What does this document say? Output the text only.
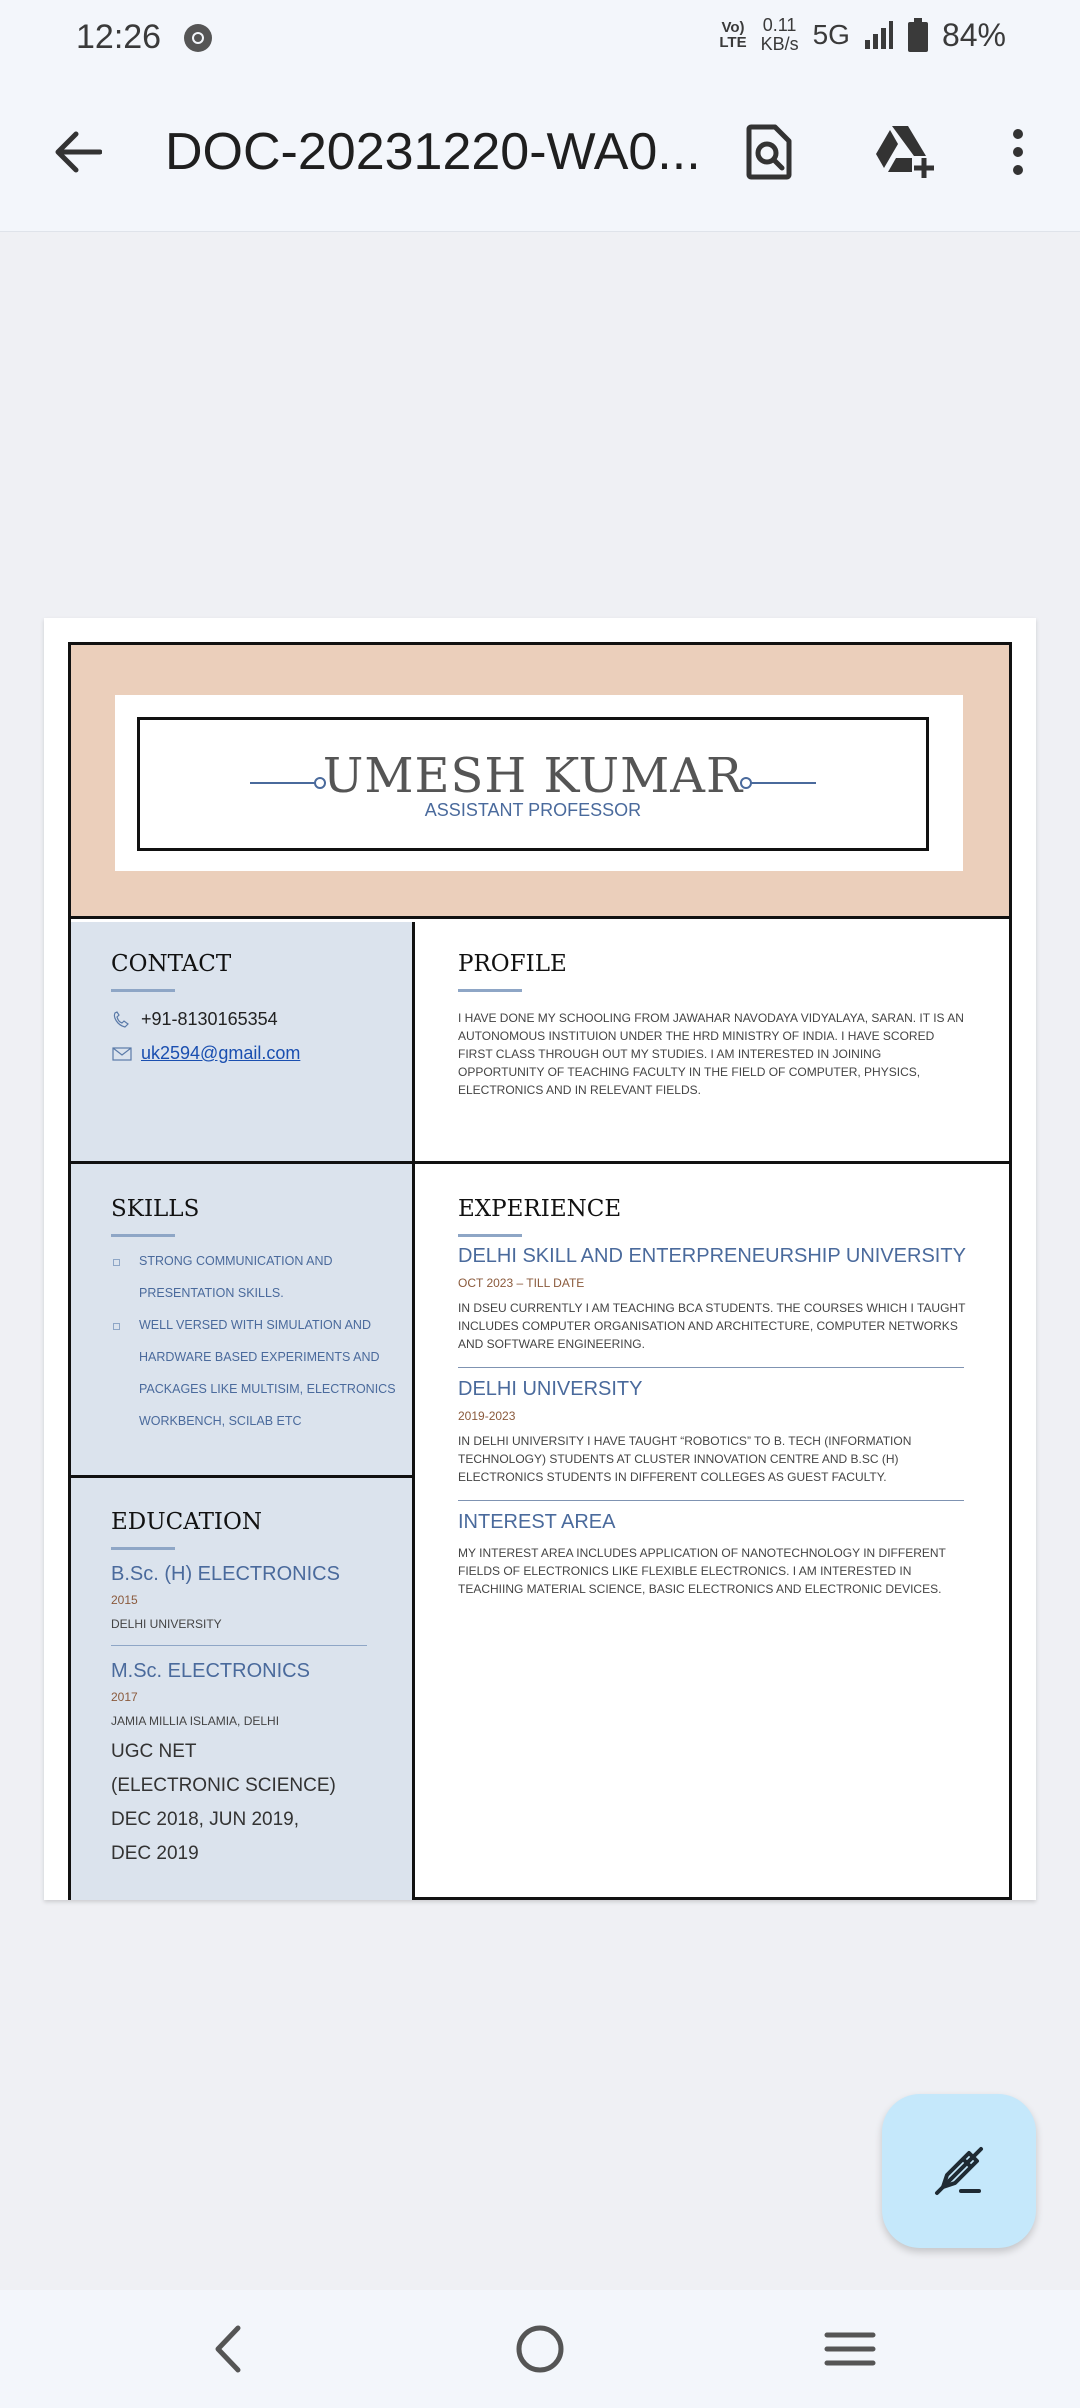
12:26	Vo)
LTE
0.11
KB/s 5G	84%
DOC-20231220-WA0...
UMESH KUMAR
ASSISTANT PROFESSOR
CONTACT
+91-8130165354
uk2594@gmail.com
PROFILE
I HAVE DONE MY SCHOOLING FROM JAWAHAR NAVODAYA VIDYALAYA, SARAN. IT IS AN AUTONOMOUS INSTITUION UNDER THE HRD MINISTRY OF INDIA. I HAVE SCORED FIRST CLASS THROUGH OUT MY STUDIES. I AM INTERESTED IN JOINING OPPORTUNITY OF TEACHING FACULTY IN THE FIELD OF COMPUTER, PHYSICS, ELECTRONICS AND IN RELEVANT FIELDS.
SKILLS
STRONG COMMUNICATION AND PRESENTATION SKILLS.
WELL VERSED WITH SIMULATION AND HARDWARE BASED EXPERIMENTS AND PACKAGES LIKE MULTISIM, ELECTRONICS WORKBENCH, SCILAB ETC
EDUCATION
B.Sc. (H) ELECTRONICS
2015
DELHI UNIVERSITY
M.Sc. ELECTRONICS
2017
JAMIA MILLIA ISLAMIA, DELHI
UGC NET
(ELECTRONIC SCIENCE)
DEC 2018, JUN 2019,
DEC 2019
EXPERIENCE
DELHI SKILL AND ENTERPRENEURSHIP UNIVERSITY
OCT 2023 – TILL DATE
IN DSEU CURRENTLY I AM TEACHING BCA STUDENTS. THE COURSES WHICH I TAUGHT INCLUDES COMPUTER ORGANISATION AND ARCHITECTURE, COMPUTER NETWORKS AND SOFTWARE ENGINEERING.
DELHI UNIVERSITY
2019-2023
IN DELHI UNIVERSITY I HAVE TAUGHT “ROBOTICS” TO B. TECH (INFORMATION TECHNOLOGY) STUDENTS AT CLUSTER INNOVATION CENTRE AND B.SC (H) ELECTRONICS STUDENTS IN DIFFERENT COLLEGES AS GUEST FACULTY.
INTEREST AREA
MY INTEREST AREA INCLUDES APPLICATION OF NANOTECHNOLOGY IN DIFFERENT FIELDS OF ELECTRONICS LIKE FLEXIBLE ELECTRONICS. I AM INTERESTED IN TEACHIING MATERIAL SCIENCE, BASIC ELECTRONICS AND ELECTRONIC DEVICES.
